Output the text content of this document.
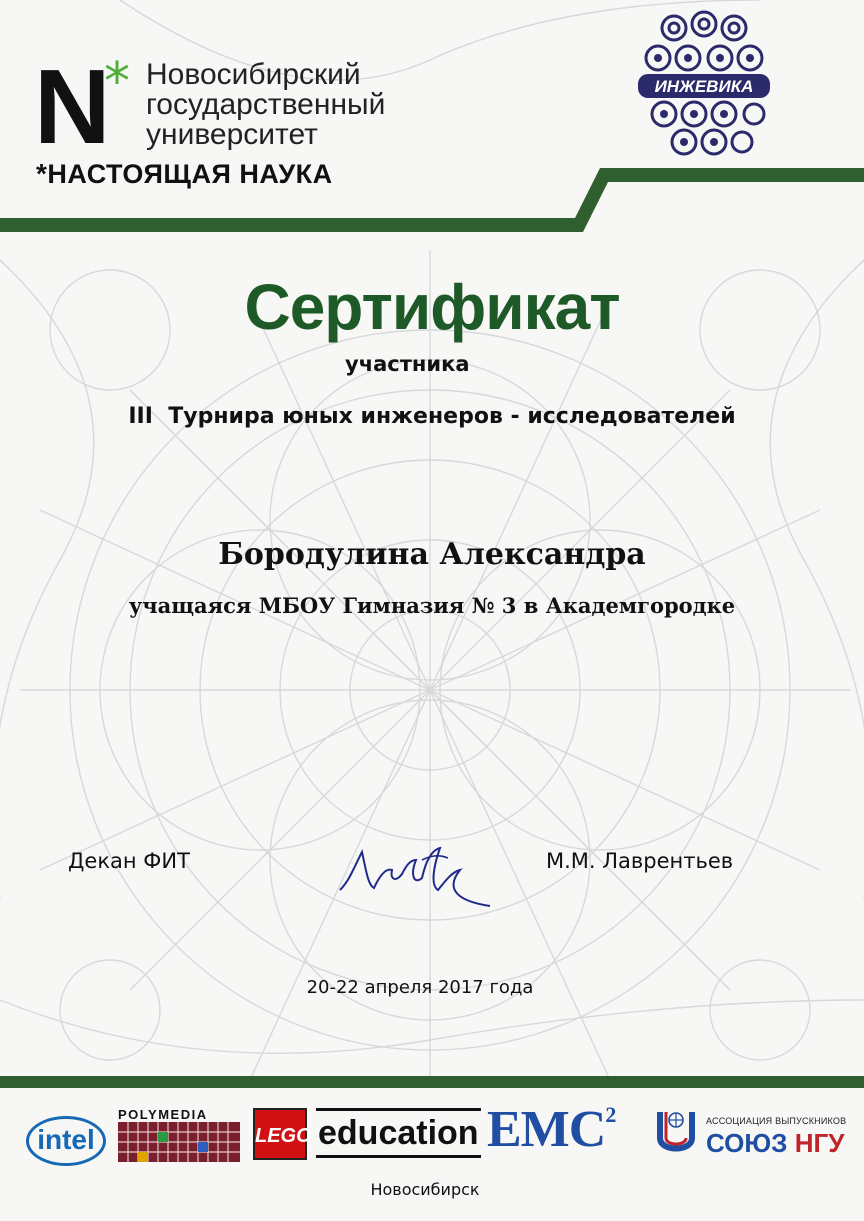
N
* Новосибирский
государственный
университет
*НАСТОЯЩАЯ НАУКА
ИНЖЕВИКА
Сертификат
участника
III  Турнира юных инженеров - исследователей
Бородулина Александра
учащаяся МБОУ Гимназия № 3 в Академгородке
Декан ФИТ	М.М. Лаврентьев
20-22 апреля 2017 года
intel
POLYMEDIA
LEGO education EMC$^2$	АССОЦИАЦИЯ ВЫПУСКНИКОВ
СОЮЗ НГУ
Новосибирск
